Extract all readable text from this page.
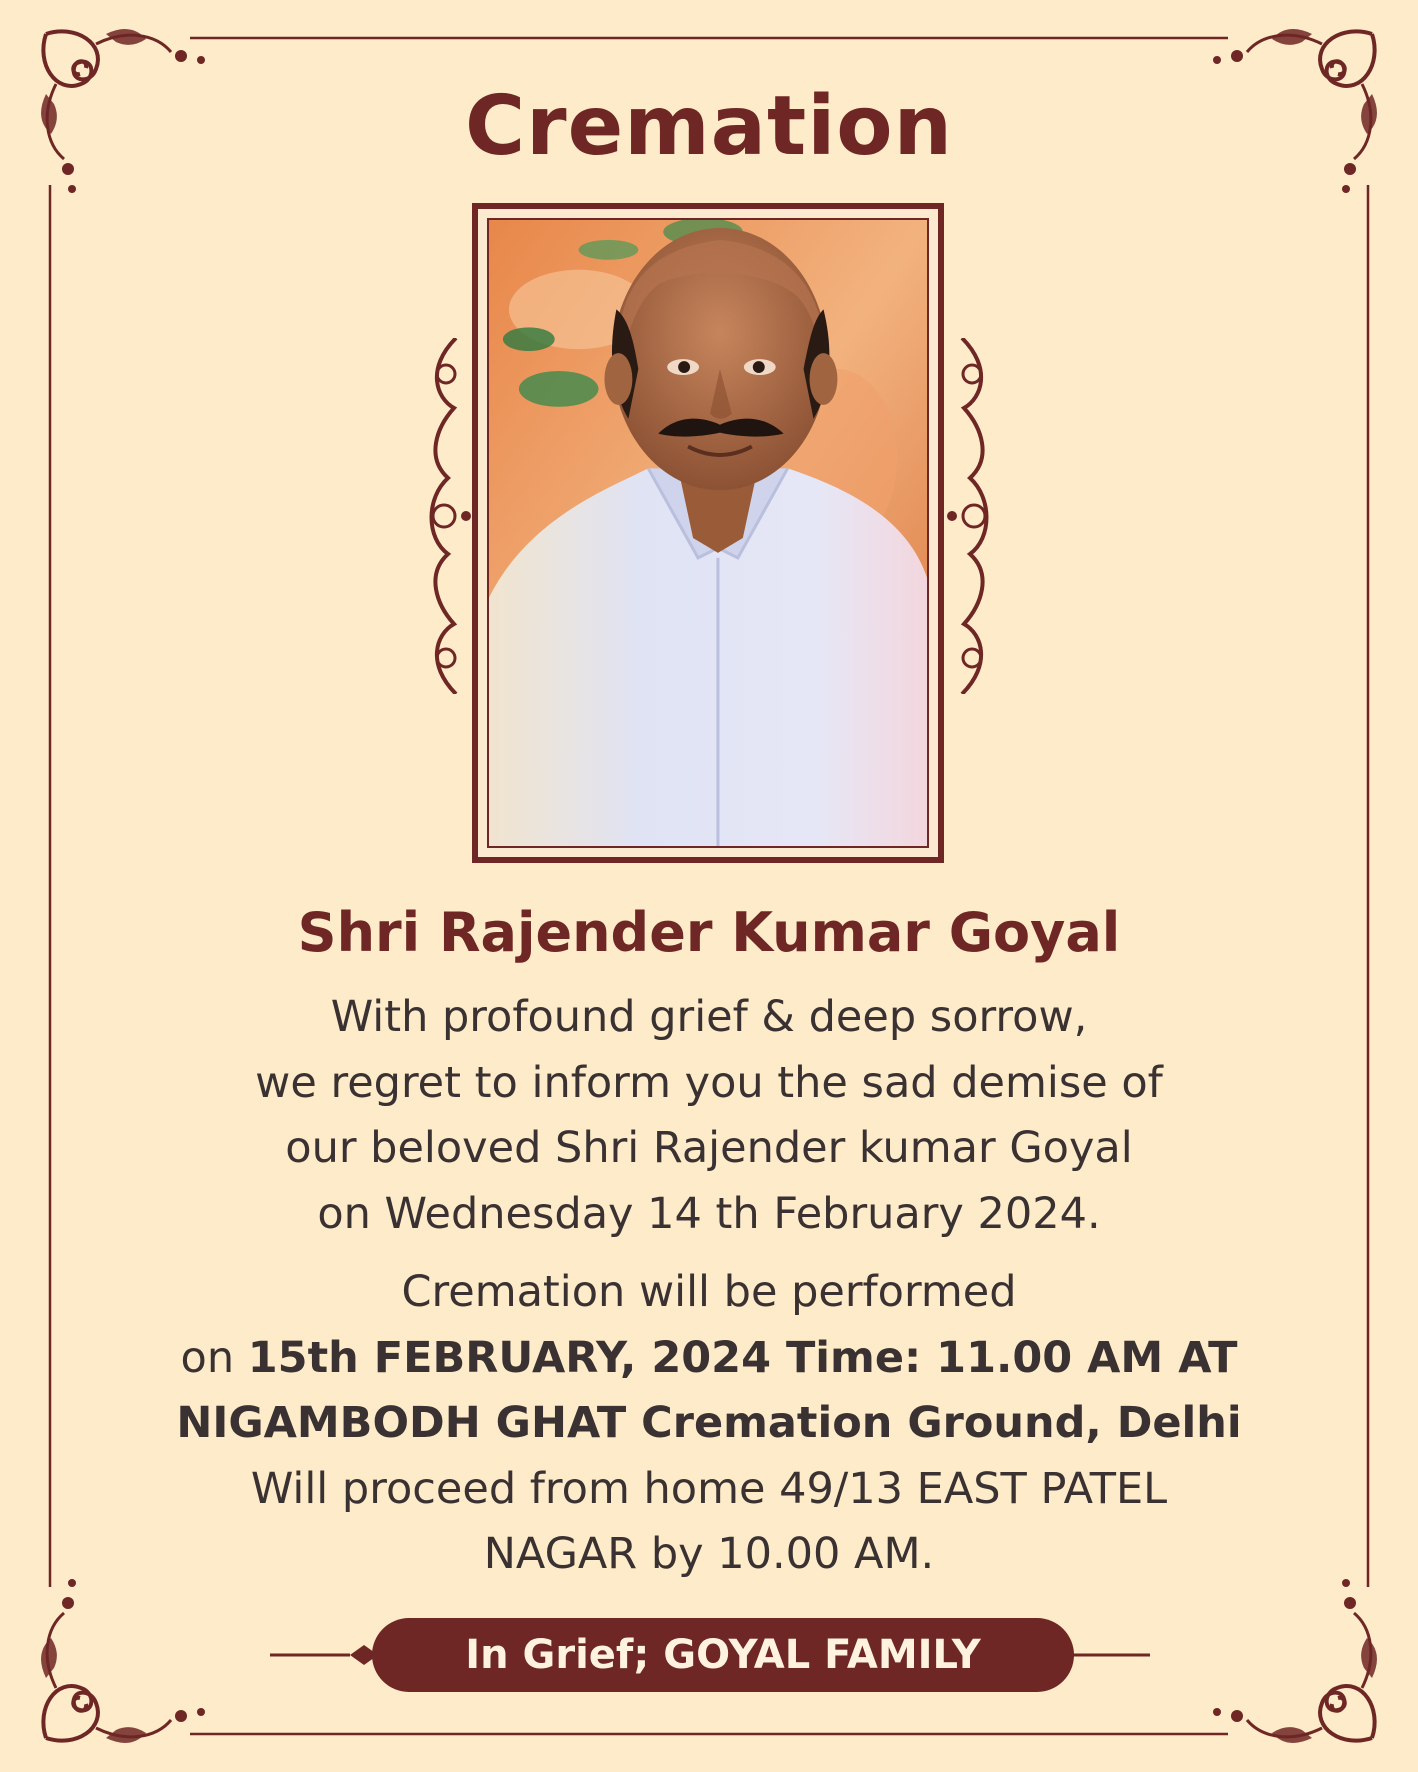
Cremation
Shri Rajender Kumar Goyal
With profound grief & deep sorrow,
we regret to inform you the sad demise of
our beloved Shri Rajender kumar Goyal
on Wednesday 14 th February 2024.
Cremation will be performed
on 15th FEBRUARY, 2024 Time: 11.00 AM AT
NIGAMBODH GHAT Cremation Ground, Delhi
Will proceed from home 49/13 EAST PATEL
NAGAR by 10.00 AM.
In Grief; GOYAL FAMILY
